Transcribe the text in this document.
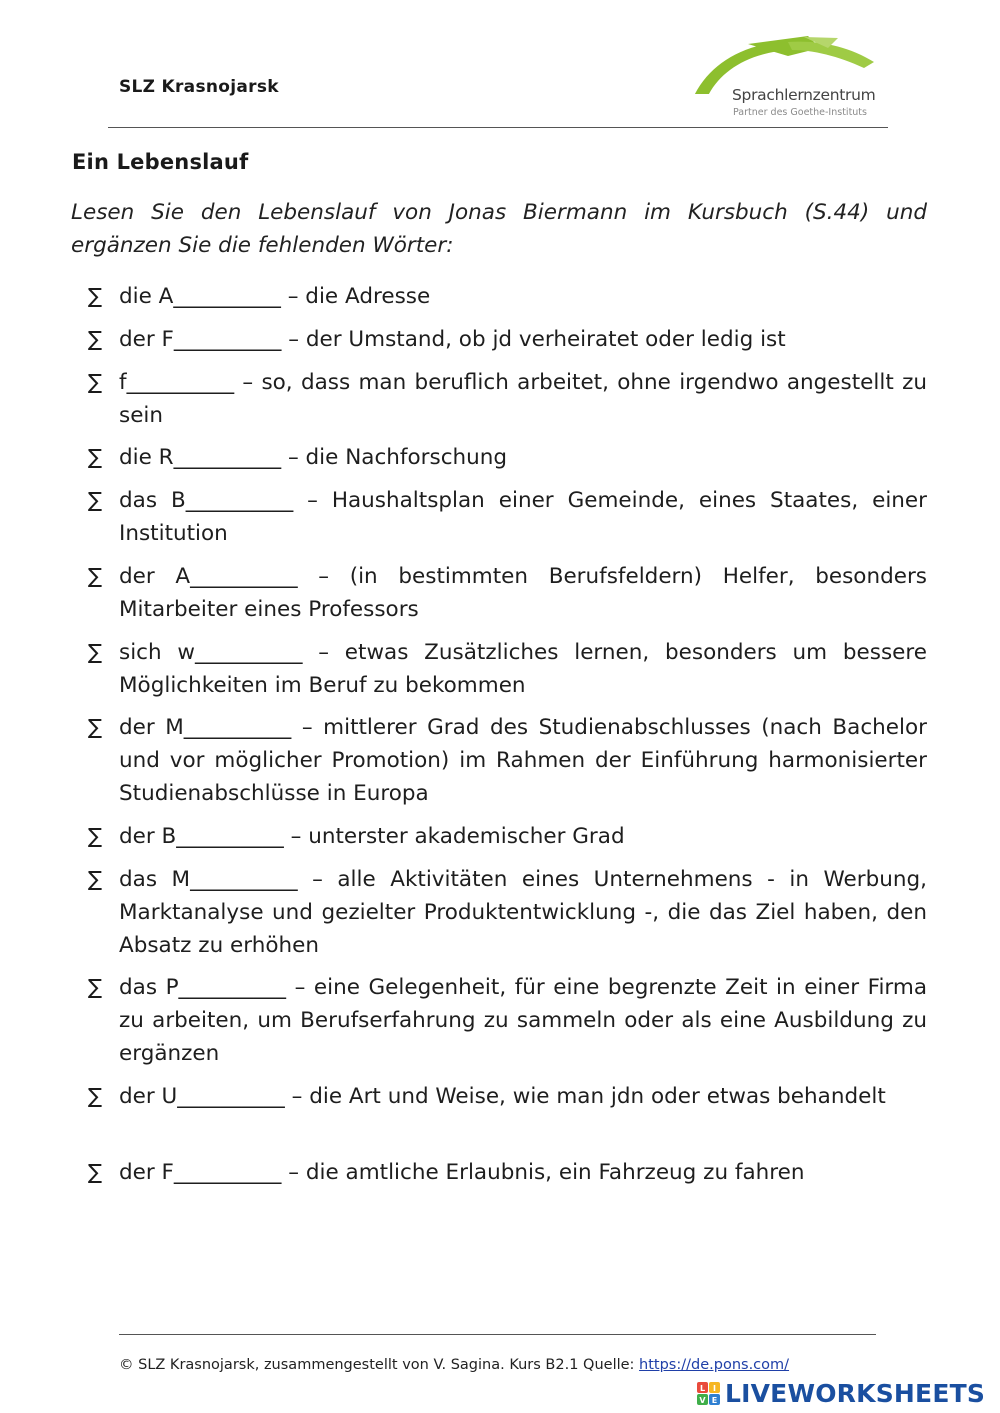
SLZ Krasnojarsk	Sprachlernzentrum
Partner des Goethe-Instituts
Ein Lebenslauf
Lesen Sie den Lebenslauf von Jonas Biermann im Kursbuch (S.44) und ergänzen Sie die fehlenden Wörter:
∑ die A__________ – die Adresse
∑ der F__________ – der Umstand, ob jd verheiratet oder ledig ist
∑ f__________ – so, dass man beruflich arbeitet, ohne irgendwo angestellt zu sein
∑ die R__________ – die Nachforschung
∑ das B__________ – Haushaltsplan einer Gemeinde, eines Staates, einer Institution
∑ der A__________ – (in bestimmten Berufsfeldern) Helfer, besonders Mitarbeiter eines Professors
∑ sich w__________ – etwas Zusätzliches lernen, besonders um bessere Möglichkeiten im Beruf zu bekommen
∑ der M__________ – mittlerer Grad des Studienabschlusses (nach Bachelor und vor möglicher Promotion) im Rahmen der Einführung harmonisierter Studienabschlüsse in Europa
∑ der B__________ – unterster akademischer Grad
∑ das M__________ – alle Aktivitäten eines Unternehmens - in Werbung, Marktanalyse und gezielter Produktentwicklung -, die das Ziel haben, den Absatz zu erhöhen
∑ das P__________ – eine Gelegenheit, für eine begrenzte Zeit in einer Firma zu arbeiten, um Berufserfahrung zu sammeln oder als eine Ausbildung zu ergänzen
∑ der U__________ – die Art und Weise, wie man jdn oder etwas behandelt
∑ der F__________ – die amtliche Erlaubnis, ein Fahrzeug zu fahren
© SLZ Krasnojarsk, zusammengestellt von V. Sagina. Kurs B2.1 Quelle: https://de.pons.com/
L I
V E LIVEWORKSHEETS
